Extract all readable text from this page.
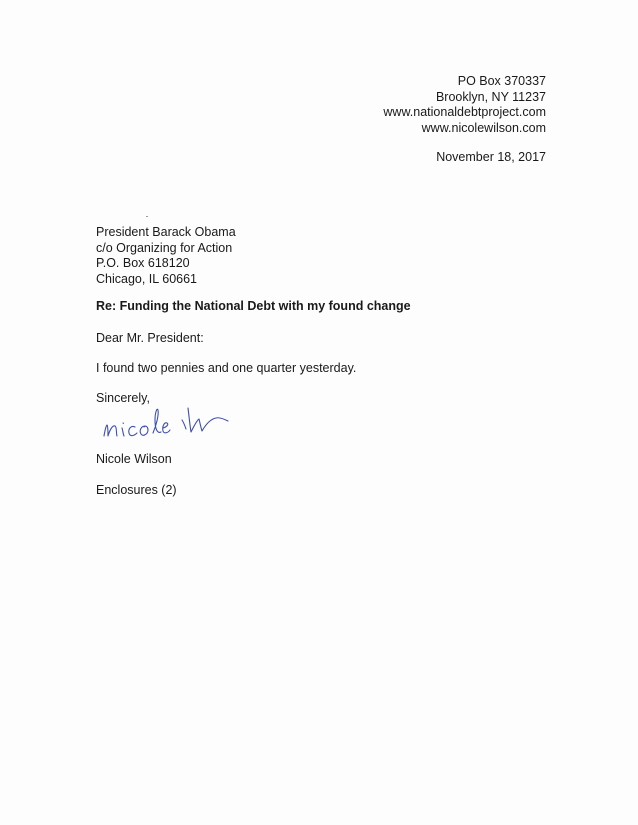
PO Box 370337
Brooklyn, NY 11237
www.nationaldebtproject.com
www.nicolewilson.com
November 18, 2017
President Barack Obama
c/o Organizing for Action
P.O. Box 618120
Chicago, IL 60661
Re: Funding the National Debt with my found change
Dear Mr. President:
I found two pennies and one quarter yesterday.
Sincerely,
Nicole Wilson
Enclosures (2)
